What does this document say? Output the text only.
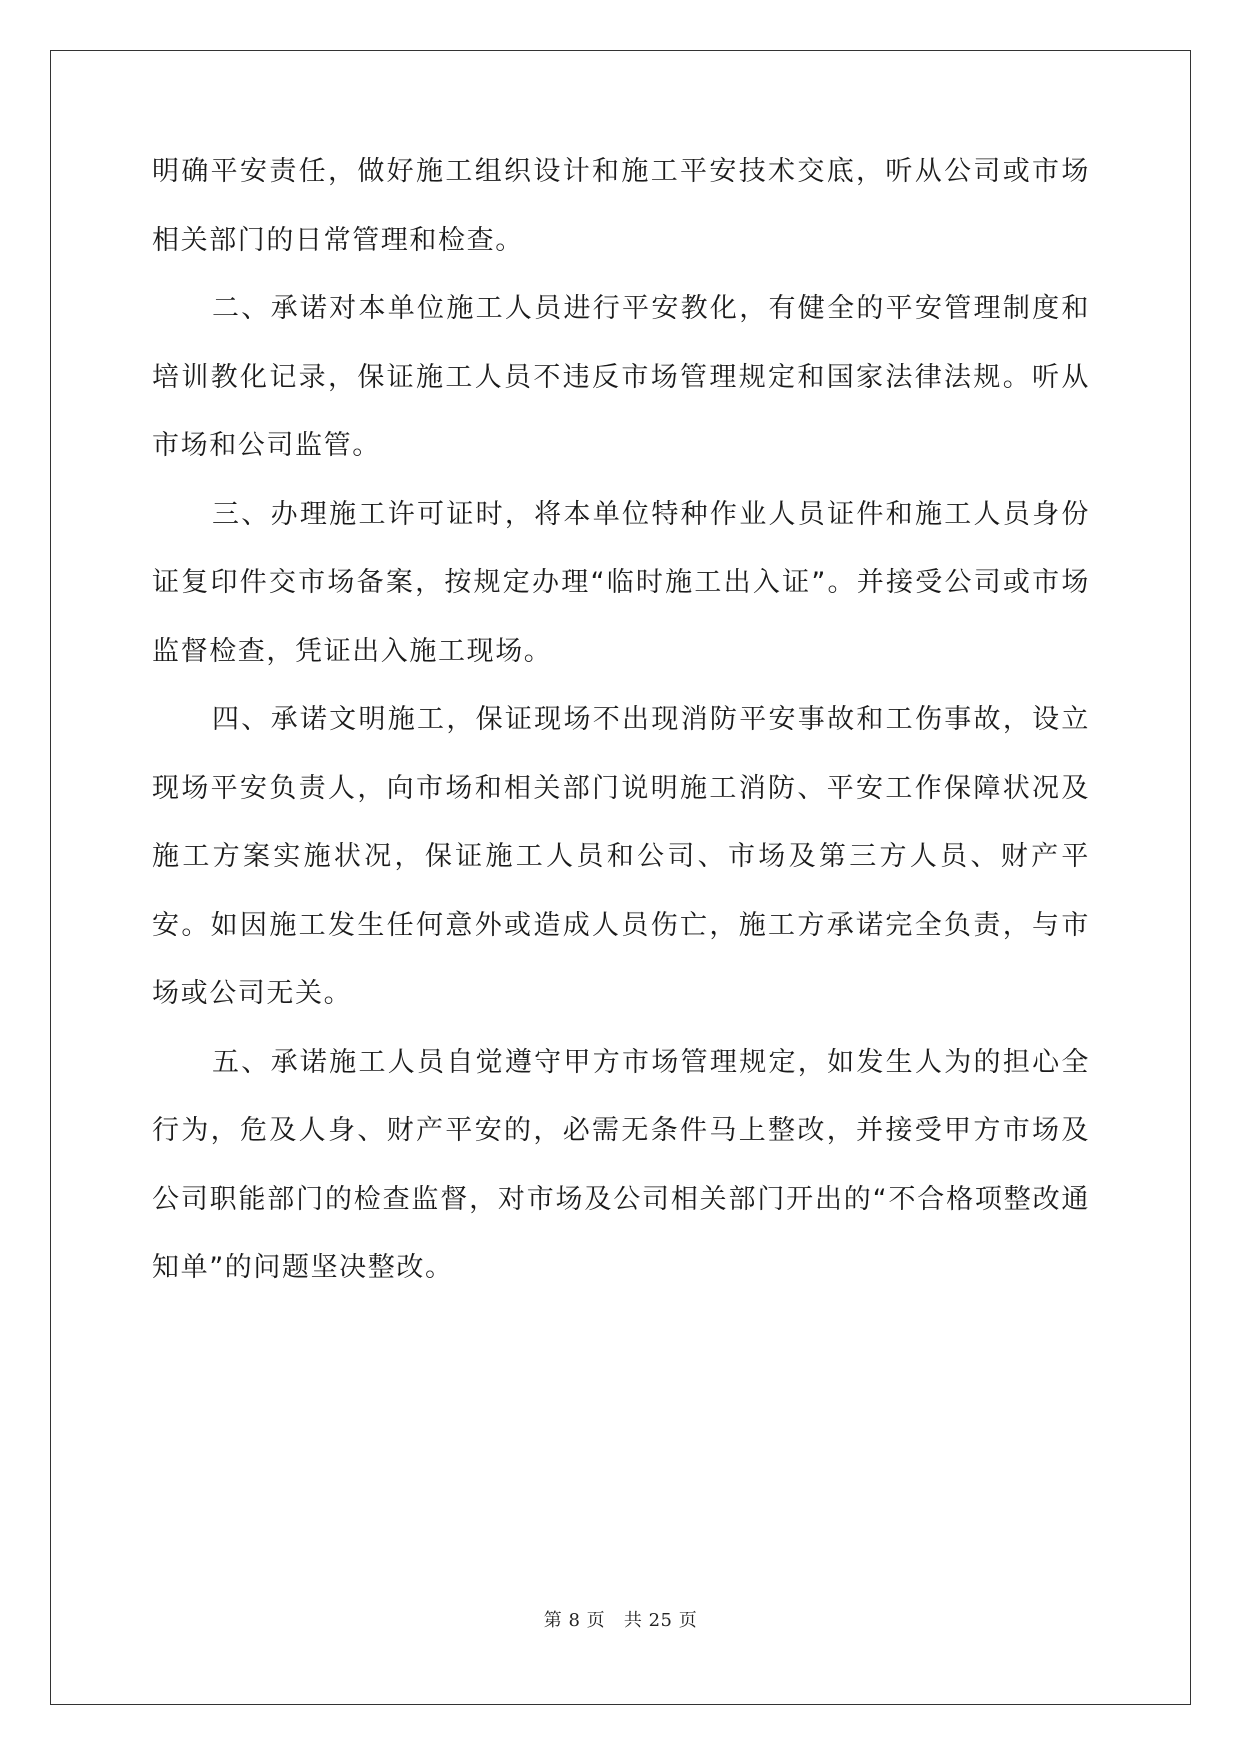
明确平安责任，做好施工组织设计和施工平安技术交底，听从公司或市场相关部门的日常管理和检查。

二、承诺对本单位施工人员进行平安教化，有健全的平安管理制度和培训教化记录，保证施工人员不违反市场管理规定和国家法律法规。听从市场和公司监管。

三、办理施工许可证时，将本单位特种作业人员证件和施工人员身份证复印件交市场备案，按规定办理“临时施工出入证”。并接受公司或市场监督检查，凭证出入施工现场。

四、承诺文明施工，保证现场不出现消防平安事故和工伤事故，设立现场平安负责人，向市场和相关部门说明施工消防、平安工作保障状况及施工方案实施状况，保证施工人员和公司、市场及第三方人员、财产平安。如因施工发生任何意外或造成人员伤亡，施工方承诺完全负责，与市场或公司无关。

五、承诺施工人员自觉遵守甲方市场管理规定，如发生人为的担心全行为，危及人身、财产平安的，必需无条件马上整改，并接受甲方市场及公司职能部门的检查监督，对市场及公司相关部门开出的“不合格项整改通知单”的问题坚决整改。

第 8 页 共 25 页
